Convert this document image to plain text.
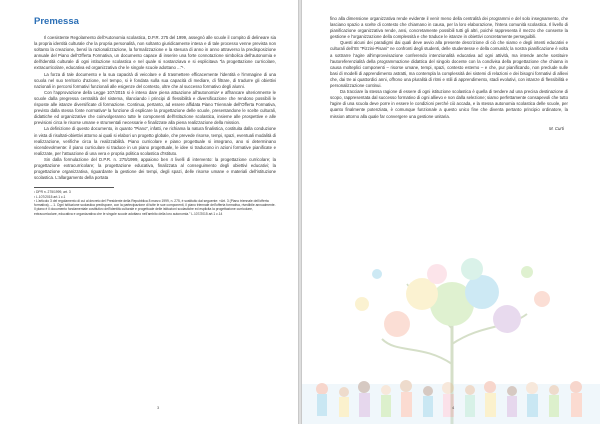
Premessa

Il coesistente Regolamento dell'Autonomia scolastica, D.P.R. 275 del 1999, assegnò alle scuole il compito di delineare sia la propria identità culturale che la propria personalità, non soltanto giuridicamente intesa e di tale processo venne prevista non soltanto la creazione, bensì la razionalizzazione, la formalizzazione e la stesura di anno in anno attraverso la predisposizione annuale del Piano dell'Offerta Formativa, un documento capace di inserire una forte connotazione simbolica dell'autonomia e dell'identità culturale di ogni istituzione scolastica e nel quale si sostanziava e si esplicitava "la progettazione curricolare, extracurricolare, educativa ed organizzativa che le singole scuole adottano ..."¹.

La forza di tale documento e la sua capacità di veicolare e di trasmettere efficacemente l'identità e l'immagine di una scuola nel suo territorio d'azione, nel tempo, si è fondata sulla sua capacità di mediare, di filtrare, di tradurre gli obiettivi nazionali in percorsi formativi funzionali alle esigenze del contesto, oltre che al successo formativo degli alunni.

Con l'approvazione della Legge 107/2015 si è inteso dare piena attuazione all'autonomia² e affrancare ulteriormente le scuole dalla pregressa centralità del sistema, rilanciando i principi di flessibilità e diversificazione che rendono possibili le risposte alle istanze diversificate di formazione. Continua, pertanto, ad essere affidata Piano Triennale dell'Offerta Formativa, previsto dalla stessa fonte normativa³ la funzione di esplicare la progettazione delle scuole, presentandone le scelte culturali, didattiche ed organizzative che coinvolgeranno tutte le componenti dell'istituzione scolastica, insieme alle prospettive e alle previsioni circa le risorse umane e strumentali necessarie e finalizzate alla piena realizzazione della mission.

La definizione di questo documento, in quanto "Piano", infatti, ne richiama la natura finalistica, costituita dalla conduzione in vista di risultati-obiettivi attorno ai quali si elabori un progetto globale, che prevede risorse, tempi, spazi, eventuali modalità di realizzazione, verifiche circa la realizzabilità. Piano curricolare e piano progettuale si integrano, ano si determinano vicendevolmente: il piano curriculare si traduce in un piano progettuale, le idee si traducono in azioni formative pianificate e realizzate, per l'attuazione di una vera e propria politica scolastica d'Istituto.

Sin dalla formulazione del D.P.R. n. 275/1999, appaiono ben 4 livelli di intervento: la progettazione curricolare; la progettazione extracurricolare; la progettazione educativa, finalizzata al conseguimento degli obiettivi educativi; la progettazione organizzativa, riguardante la gestione dei tempi, degli spazi, delle risorse umane e materiali dell'istituzione scolastica. L'allargamento della portata

¹ DPR n. 275/1999, art. 3
² L.107/2015 art.1 c.1
³ L'articolo 3 del regolamento di cui al decreto del Presidente della Repubblica 8 marzo 1999, n. 275, è sostituito dal seguente: «Art. 3 (Piano triennale dell'offerta formativa). – 1. Ogni istituzione scolastica predispone, con la partecipazione di tutte le sue componenti, il piano triennale dell'offerta formativa, rivedibile annualmente. Il piano è il documento fondamentale costitutivo dell'identità culturale e progettuale delle istituzioni scolastiche ed esplicita la progettazione curricolare, extracurricolare, educativa e organizzativa che le singole scuole adottano nell'ambito della loro autonomia." L.107/2015 art.1 c.14
3

fino alla dimensione organizzativa rende evidente il venir meno della centralità dei programmi e del solo insegnamento, che lasciano spazio a scelte di contesto che chiamano in causa, per la loro elaborazione, l'intera comunità scolastica. Il livello di pianificazione organizzativa rende, ansi, concretamente possibili tutti gli altri, poiché rappresenta il mezzo che consente la gestione e l'organizzazione della complessità e che traduce le istanze in obiettivi concretamente perseguibili.

Questi alcuni dei paradigmi dai quali deve avvio alla presente descrizione di ciò che siamo e degli intenti educativi e culturali dell'IIS "Pizzini-Pisani" ne confronti degli studenti, delle studentesse e della comunità; la nostra pianificazione è volta a sottrarre l'agire all'improvvisazione conferendo intenzionalità educativa ad ogni attività, ma intende anche sostituire l'autoreferenzialità della programmazione didattica del singolo docente con la condivisa della progettazione che chiama in causa molteplici componenti – risorse umane, tempi, spazi, contesto esterno – e che, pur pianificando, non preclude sulle basi di modelli di apprendimento astratti, ma contempla la complessità dei sistemi di relazioni e dei bisogni formativi di allievi che, dai tre ai quattordici anni, offrono una pluralità di ritmi e stili di apprendimento, stadi evolutivi, con istanze di flessibilità e personalizzazione continui.

Da tracciare la stessa ragione di essere di ogni istituzione scolastica è quella di tendere ad una precisa destinazione di scopo, rappresentata dal successo formativo di ogni allievo e non dalla selezione; siamo perfettamente consapevoli che tutto l'agire di una scuola deve porre in essere le condizioni perché ciò accada, e la stessa autonomia scolastica delle scuole, per quanto finalmente potenziata, è comunque funzionale a questo unico fine che diventa pertanto principio ordinatore, la mission attorno alla quale far convergere una gestione unitaria.

M. Curti
4
